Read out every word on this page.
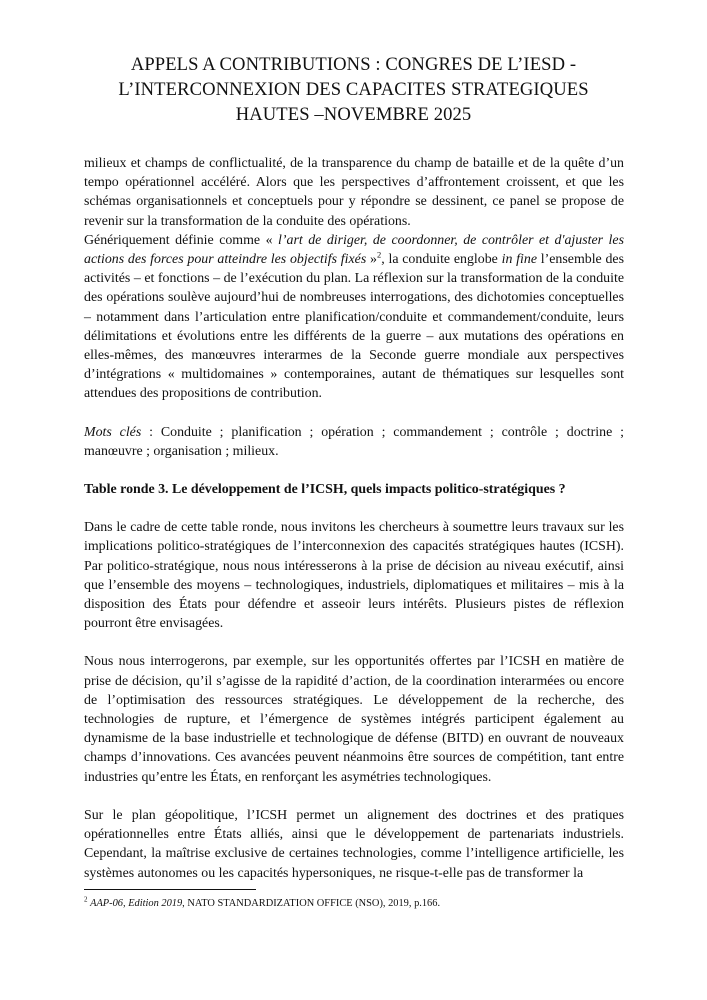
APPELS A CONTRIBUTIONS : CONGRES DE L’IESD -
L’INTERCONNEXION DES CAPACITES STRATEGIQUES
HAUTES –NOVEMBRE 2025

milieux et champs de conflictualité, de la transparence du champ de bataille et de la quête d’un tempo opérationnel accéléré. Alors que les perspectives d’affrontement croissent, et que les schémas organisationnels et conceptuels pour y répondre se dessinent, ce panel se propose de revenir sur la transformation de la conduite des opérations.

Génériquement définie comme « l’art de diriger, de coordonner, de contrôler et d'ajuster les actions des forces pour atteindre les objectifs fixés »$^2$, la conduite englobe in fine l’ensemble des activités – et fonctions – de l’exécution du plan. La réflexion sur la transformation de la conduite des opérations soulève aujourd’hui de nombreuses interrogations, des dichotomies conceptuelles – notamment dans l’articulation entre planification/conduite et commandement/conduite, leurs délimitations et évolutions entre les différents de la guerre – aux mutations des opérations en elles-mêmes, des manœuvres interarmes de la Seconde guerre mondiale aux perspectives d’intégrations « multidomaines » contemporaines, autant de thématiques sur lesquelles sont attendues des propositions de contribution.

Mots clés : Conduite ; planification ; opération ; commandement ; contrôle ; doctrine ; manœuvre ; organisation ; milieux.

Table ronde 3. Le développement de l’ICSH, quels impacts politico-stratégiques ?

Dans le cadre de cette table ronde, nous invitons les chercheurs à soumettre leurs travaux sur les implications politico-stratégiques de l’interconnexion des capacités stratégiques hautes (ICSH). Par politico-stratégique, nous nous intéresserons à la prise de décision au niveau exécutif, ainsi que l’ensemble des moyens – technologiques, industriels, diplomatiques et militaires – mis à la disposition des États pour défendre et asseoir leurs intérêts. Plusieurs pistes de réflexion pourront être envisagées.

Nous nous interrogerons, par exemple, sur les opportunités offertes par l’ICSH en matière de prise de décision, qu’il s’agisse de la rapidité d’action, de la coordination interarmées ou encore de l’optimisation des ressources stratégiques. Le développement de la recherche, des technologies de rupture, et l’émergence de systèmes intégrés participent également au dynamisme de la base industrielle et technologique de défense (BITD) en ouvrant de nouveaux champs d’innovations. Ces avancées peuvent néanmoins être sources de compétition, tant entre industries qu’entre les États, en renforçant les asymétries technologiques.

Sur le plan géopolitique, l’ICSH permet un alignement des doctrines et des pratiques opérationnelles entre États alliés, ainsi que le développement de partenariats industriels. Cependant, la maîtrise exclusive de certaines technologies, comme l’intelligence artificielle, les systèmes autonomes ou les capacités hypersoniques, ne risque-t-elle pas de transformer la

$^2$ AAP-06, Edition 2019, NATO STANDARDIZATION OFFICE (NSO), 2019, p.166.
